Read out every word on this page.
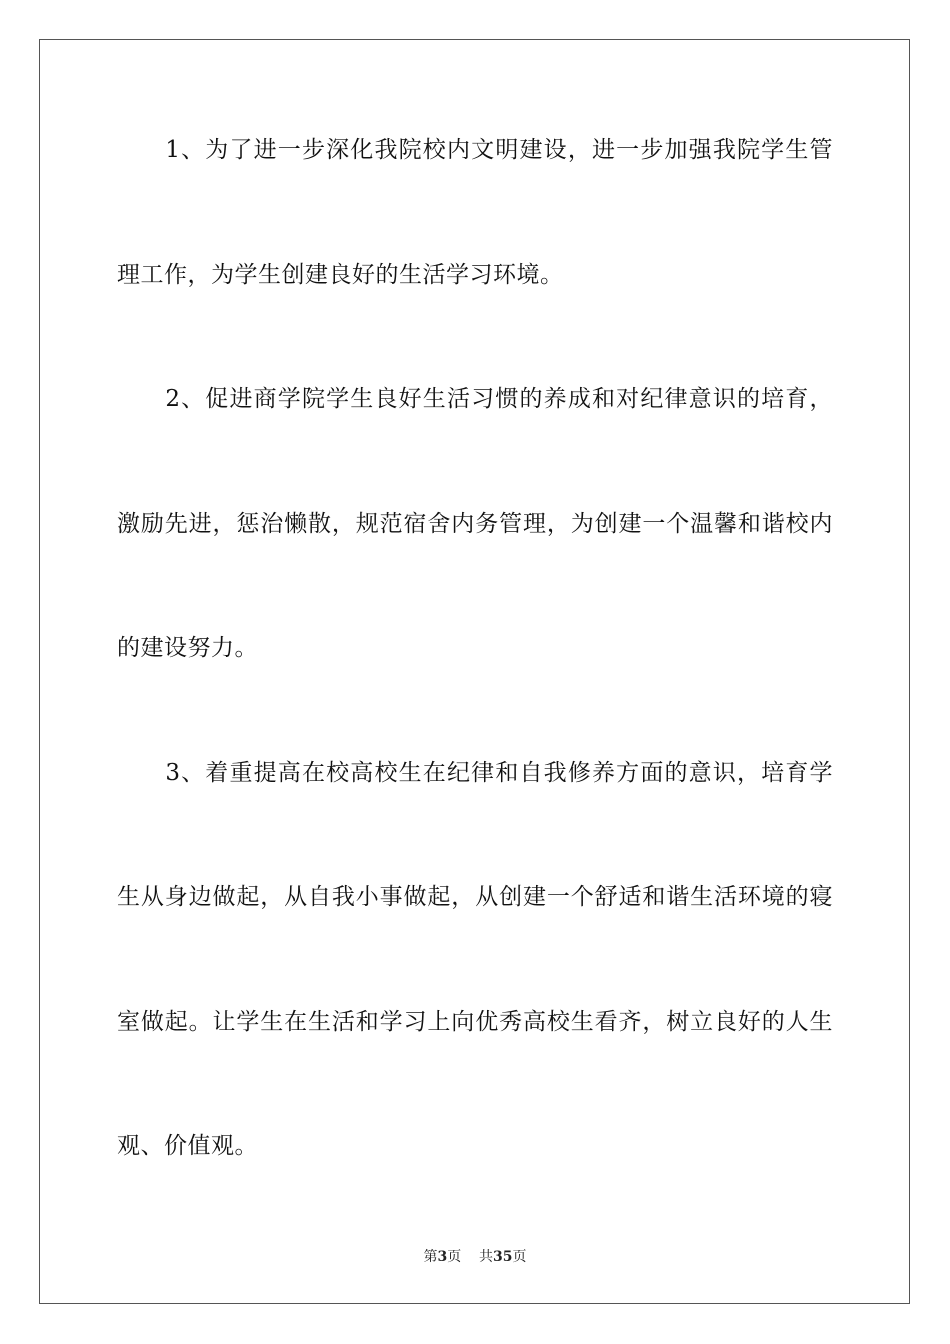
　　1、为了进一步深化我院校内文明建设，进一步加强我院学生管
理工作，为学生创建良好的生活学习环境。
　　2、促进商学院学生良好生活习惯的养成和对纪律意识的培育，
激励先进，惩治懒散，规范宿舍内务管理，为创建一个温馨和谐校内
的建设努力。
　　3、着重提高在校高校生在纪律和自我修养方面的意识，培育学
生从身边做起，从自我小事做起，从创建一个舒适和谐生活环境的寝
室做起。让学生在生活和学习上向优秀高校生看齐，树立良好的人生
观、价值观。
第3页 共35页
